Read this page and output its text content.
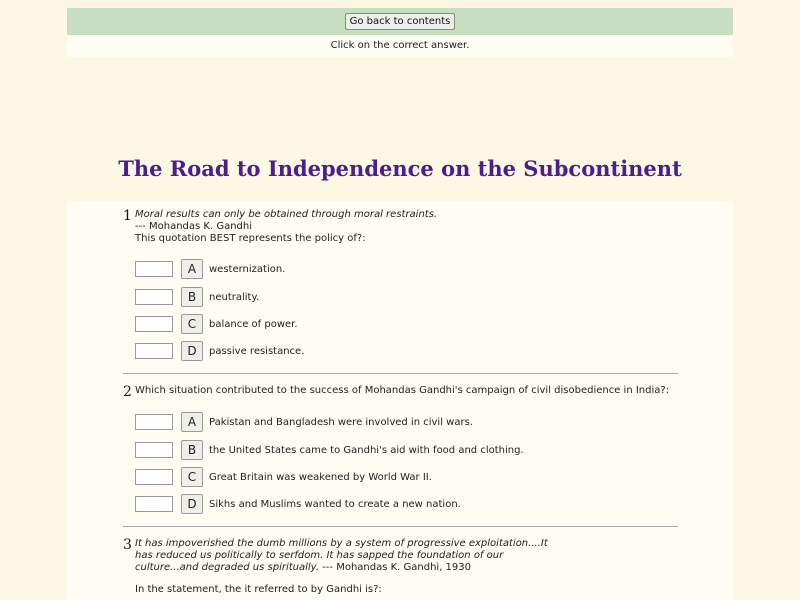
Go back to contents
Click on the correct answer.
The Road to Independence on the Subcontinent
1 Moral results can only be obtained through moral restraints.
--- Mohandas K. Gandhi
This quotation BEST represents the policy of?:
A	westernization.
B	neutrality.
C	balance of power.
D	passive resistance.
2 Which situation contributed to the success of Mohandas Gandhi's campaign of civil disobedience in India?:
A	Pakistan and Bangladesh were involved in civil wars.
B	the United States came to Gandhi's aid with food and clothing.
C	Great Britain was weakened by World War II.
D	Sikhs and Muslims wanted to create a new nation.
3 It has impoverished the dumb millions by a system of progressive exploitation....It
has reduced us politically to serfdom. It has sapped the foundation of our
culture...and degraded us spiritually. --- Mohandas K. Gandhi, 1930
In the statement, the it referred to by Gandhi is?:
